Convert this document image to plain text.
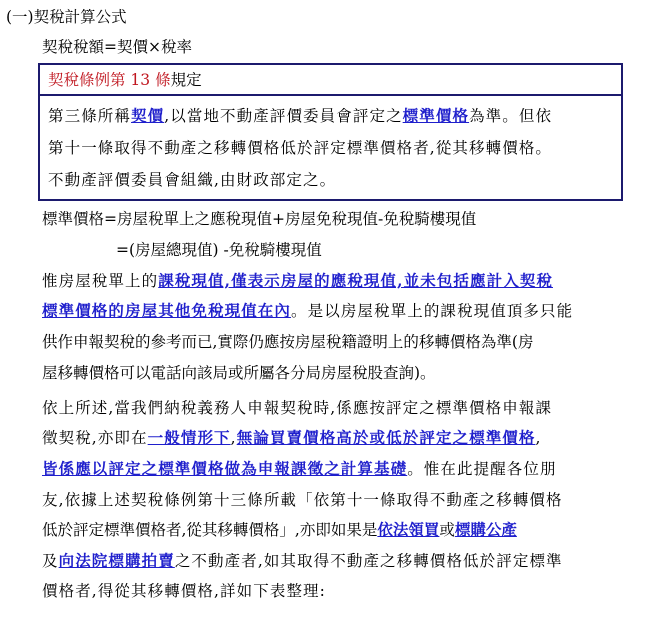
(一)契稅計算公式
契稅稅額=契價×稅率
契稅條例第 13 條規定
第三條所稱契價,以當地不動產評價委員會評定之標準價格為準。但依
第十一條取得不動產之移轉價格低於評定標準價格者,從其移轉價格。
不動產評價委員會組織,由財政部定之。
標準價格=房屋稅單上之應稅現值+房屋免稅現值-免稅騎樓現值
=(房屋總現值) -免稅騎樓現值
惟房屋稅單上的課稅現值,僅表示房屋的應稅現值,並未包括應計入契稅
標準價格的房屋其他免稅現值在內。是以房屋稅單上的課稅現值頂多只能
供作申報契稅的參考而已,實際仍應按房屋稅籍證明上的移轉價格為準(房
屋移轉價格可以電話向該局或所屬各分局房屋稅股查詢)。
依上所述,當我們納稅義務人申報契稅時,係應按評定之標準價格申報課
徵契稅,亦即在一般情形下,無論買賣價格高於或低於評定之標準價格,
皆係應以評定之標準價格做為申報課徵之計算基礎。惟在此提醒各位朋
友,依據上述契稅條例第十三條所載「依第十一條取得不動產之移轉價格
低於評定標準價格者,從其移轉價格」,亦即如果是依法領買或標購公產
及向法院標購拍賣之不動產者,如其取得不動產之移轉價格低於評定標準
價格者,得從其移轉價格,詳如下表整理:
